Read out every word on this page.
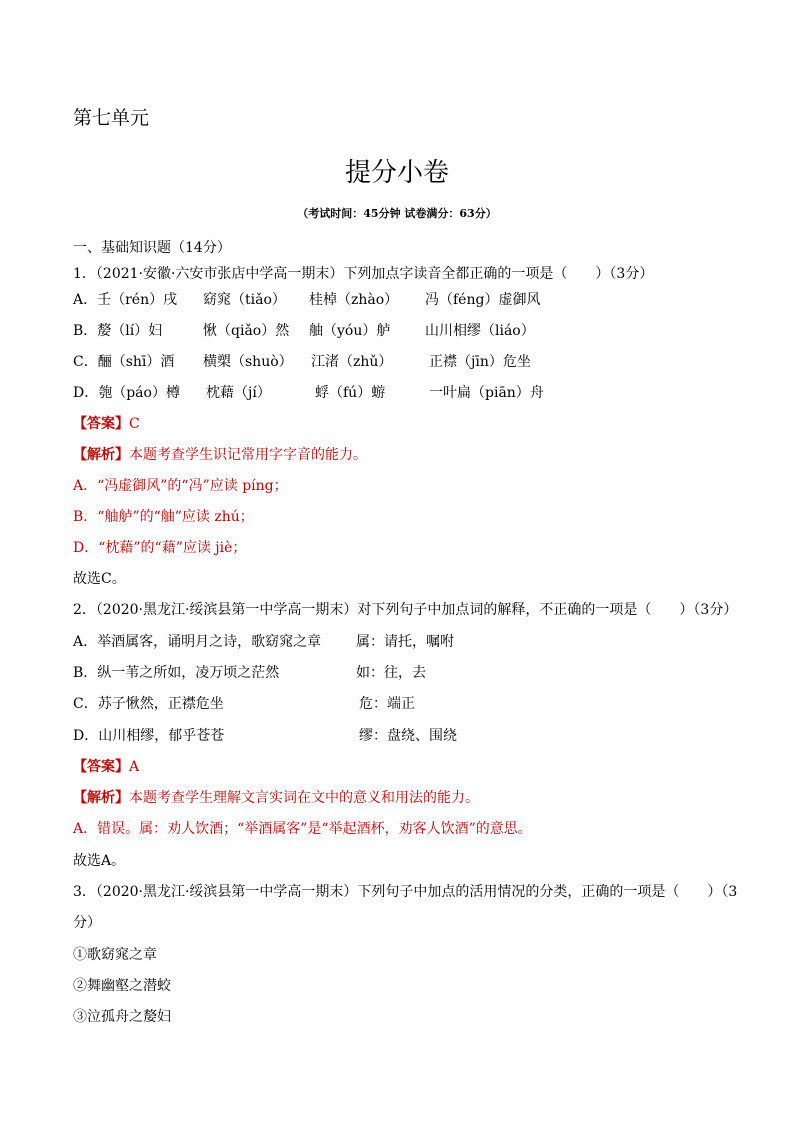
第七单元
提分小卷
（考试时间：45分钟 试卷满分：63分）
一、基础知识题（14分）
1．（2021·安徽·六安市张店中学高一期末）下列加点字读音全都正确的一项是（　　）（3分）
A．壬（rén）戌 窈窕（tiǎo） 桂棹（zhào） 冯（féng）虚御风
B．嫠（lí）妇	愀（qiǎo）然 舳（yóu）舻 山川相缪（liáo）
C．酾（shī）酒 横槊（shuò） 江渚（zhǔ）	正襟（jīn）危坐
D．匏（páo）樽 枕藉（jí）	蜉（fú）蝣	一叶扁（piān）舟
【答案】C
【解析】本题考查学生识记常用字字音的能力。
A．“冯虚御风”的“冯”应读 píng；
B．“舳舻”的“舳”应读 zhú；
D．“枕藉”的“藉”应读 jiè；
故选C。
2．（2020·黑龙江·绥滨县第一中学高一期末）对下列句子中加点词的解释，不正确的一项是（　　）（3分）
A．举酒属客，诵明月之诗，歌窈窕之章 属：请托，嘱咐
B．纵一苇之所如，凌万顷之茫然	如：往，去
C．苏子愀然，正襟危坐	危：端正
D．山川相缪，郁乎苍苍	缪：盘绕、围绕
【答案】A
【解析】本题考查学生理解文言实词在文中的意义和用法的能力。
A．错误。属：劝人饮酒；“举酒属客”是“举起酒杯，劝客人饮酒”的意思。
故选A。
3．（2020·黑龙江·绥滨县第一中学高一期末）下列句子中加点的活用情况的分类，正确的一项是（　　）（3
分）
①歌窈窕之章
②舞幽壑之潜蛟
③泣孤舟之嫠妇
